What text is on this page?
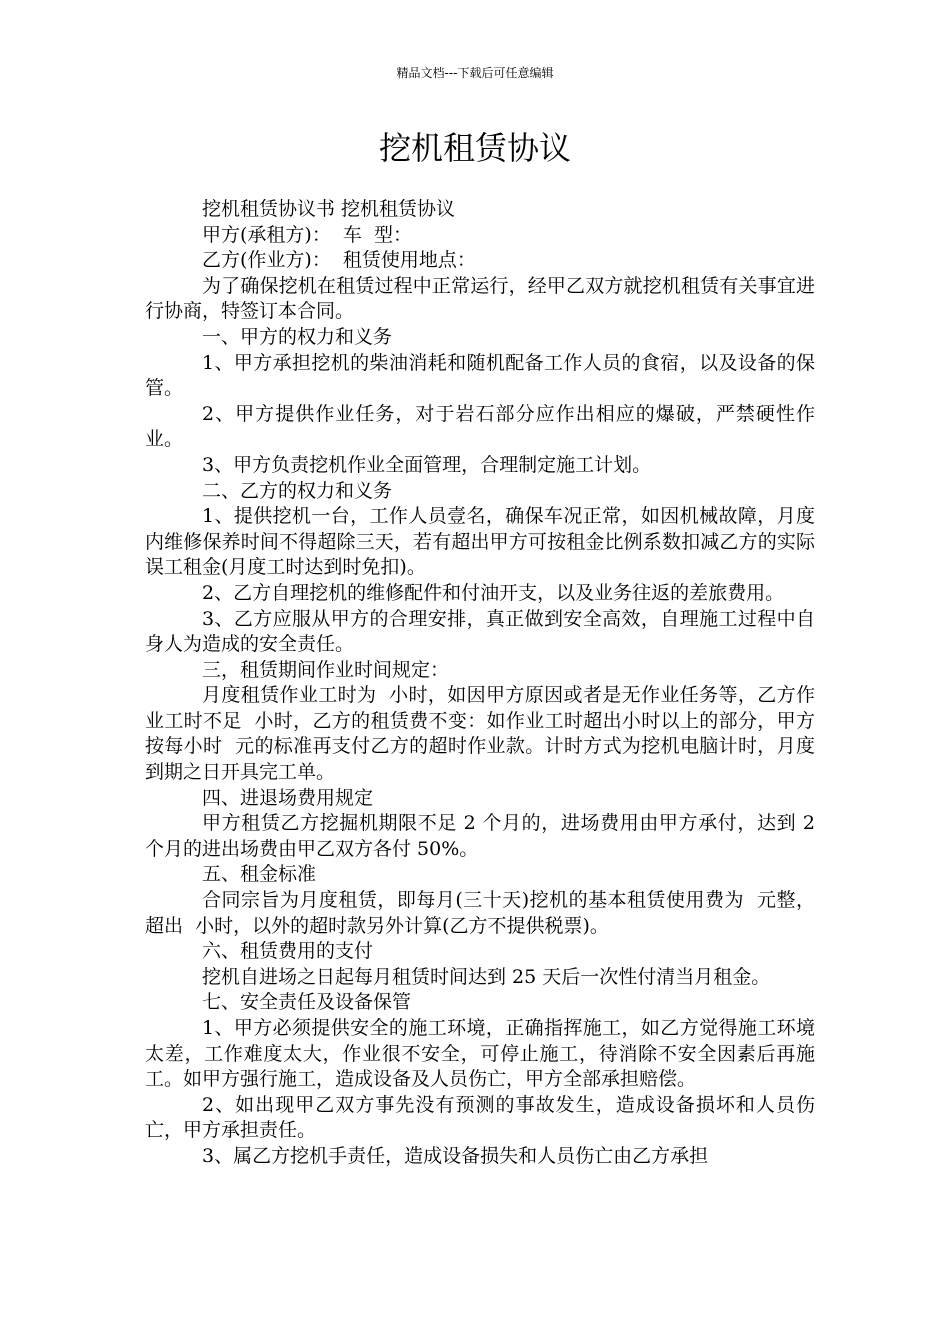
精品文档---下载后可任意编辑
挖机租赁协议

挖机租赁协议书 挖机租赁协议

甲方(承租方)：  车  型：

乙方(作业方)：  租赁使用地点：

为了确保挖机在租赁过程中正常运行，经甲乙双方就挖机租赁有关事宜进行协商，特签订本合同。

一、甲方的权力和义务

1、甲方承担挖机的柴油消耗和随机配备工作人员的食宿，以及设备的保管。

2、甲方提供作业任务，对于岩石部分应作出相应的爆破，严禁硬性作业。

3、甲方负责挖机作业全面管理，合理制定施工计划。

二、乙方的权力和义务

1、提供挖机一台，工作人员壹名，确保车况正常，如因机械故障，月度内维修保养时间不得超除三天，若有超出甲方可按租金比例系数扣减乙方的实际误工租金(月度工时达到时免扣)。

2、乙方自理挖机的维修配件和付油开支，以及业务往返的差旅费用。

3、乙方应服从甲方的合理安排，真正做到安全高效，自理施工过程中自身人为造成的安全责任。

三，租赁期间作业时间规定：

月度租赁作业工时为  小时，如因甲方原因或者是无作业任务等，乙方作业工时不足  小时，乙方的租赁费不变：如作业工时超出小时以上的部分，甲方按每小时  元的标准再支付乙方的超时作业款。计时方式为挖机电脑计时，月度到期之日开具完工单。

四、进退场费用规定

甲方租赁乙方挖掘机期限不足 2 个月的，进场费用由甲方承付，达到 2 个月的进出场费由甲乙双方各付 50%。

五、租金标准

合同宗旨为月度租赁，即每月(三十天)挖机的基本租赁使用费为  元整，超出  小时，以外的超时款另外计算(乙方不提供税票)。

六、租赁费用的支付

挖机自进场之日起每月租赁时间达到 25 天后一次性付清当月租金。

七、安全责任及设备保管

1、甲方必须提供安全的施工环境，正确指挥施工，如乙方觉得施工环境太差，工作难度太大，作业很不安全，可停止施工，待消除不安全因素后再施工。如甲方强行施工，造成设备及人员伤亡，甲方全部承担赔偿。

2、如出现甲乙双方事先没有预测的事故发生，造成设备损坏和人员伤亡，甲方承担责任。

3、属乙方挖机手责任，造成设备损失和人员伤亡由乙方承担
